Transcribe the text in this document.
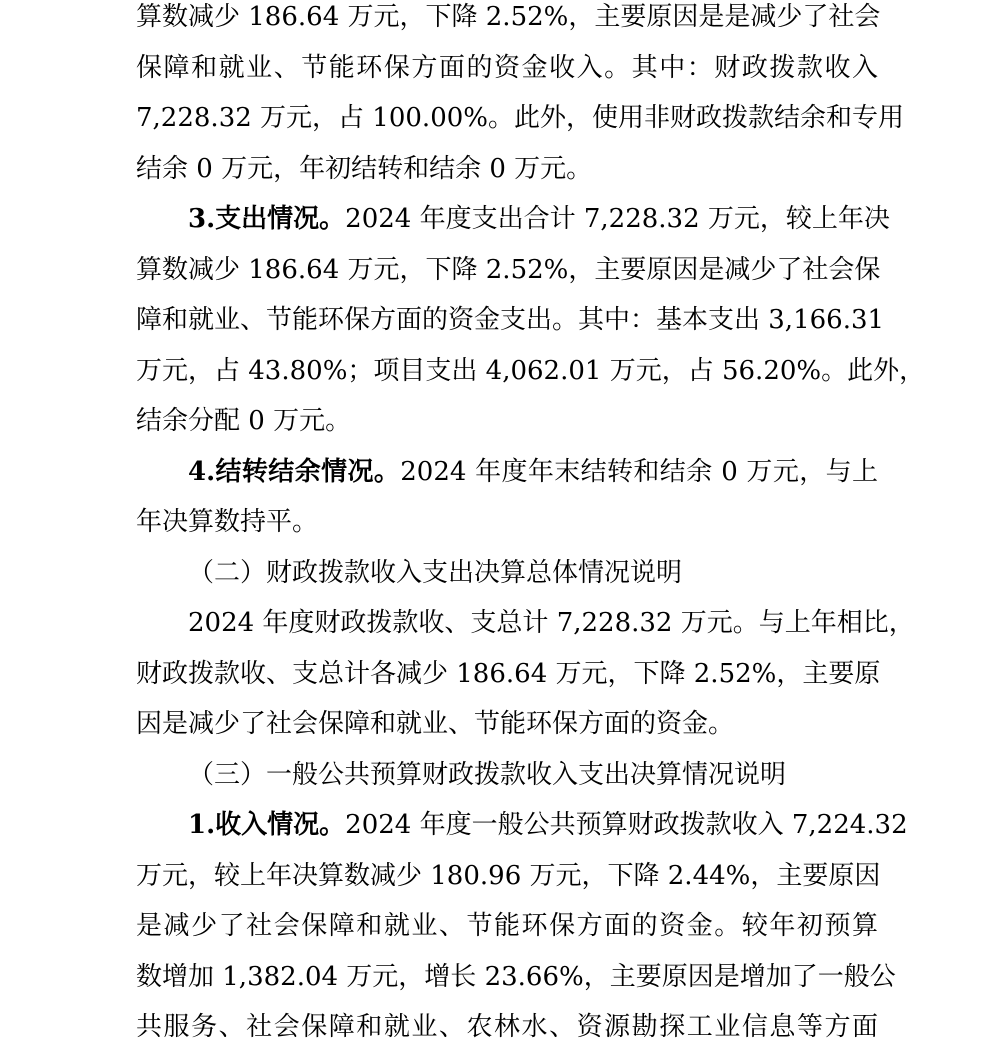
算数减少 186.64 万元，下降 2.52%，主要原因是是减少了社会
保障和就业、节能环保方面的资金收入。其中：财政拨款收入
7,228.32 万元，占 100.00%。此外，使用非财政拨款结余和专用
结余 0 万元，年初结转和结余 0 万元。
3.支出情况。2024 年度支出合计 7,228.32 万元，较上年决
算数减少 186.64 万元，下降 2.52%，主要原因是减少了社会保
障和就业、节能环保方面的资金支出。其中：基本支出 3,166.31
万元，占 43.80%；项目支出 4,062.01 万元，占 56.20%。此外，
结余分配 0 万元。
4.结转结余情况。2024 年度年末结转和结余 0 万元，与上
年决算数持平。
（二）财政拨款收入支出决算总体情况说明
2024 年度财政拨款收、支总计 7,228.32 万元。与上年相比，
财政拨款收、支总计各减少 186.64 万元，下降 2.52%，主要原
因是减少了社会保障和就业、节能环保方面的资金。
（三）一般公共预算财政拨款收入支出决算情况说明
1.收入情况。2024 年度一般公共预算财政拨款收入 7,224.32
万元，较上年决算数减少 180.96 万元，下降 2.44%，主要原因
是减少了社会保障和就业、节能环保方面的资金。较年初预算
数增加 1,382.04 万元，增长 23.66%，主要原因是增加了一般公
共服务、社会保障和就业、农林水、资源勘探工业信息等方面
